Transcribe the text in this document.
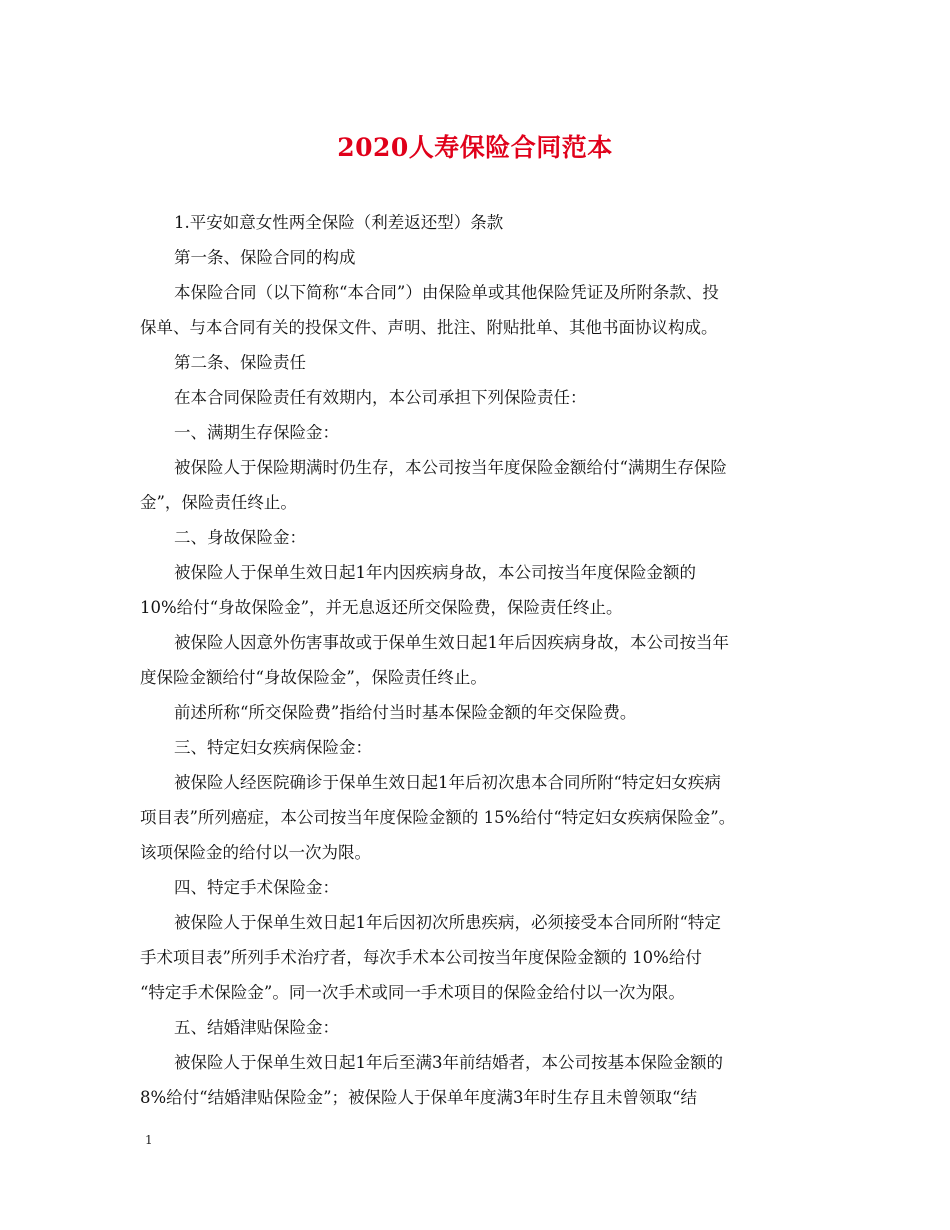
2020人寿保险合同范本

1.平安如意女性两全保险（利差返还型）条款

第一条、保险合同的构成

本保险合同（以下简称“本合同”）由保险单或其他保险凭证及所附条款、投

保单、与本合同有关的投保文件、声明、批注、附贴批单、其他书面协议构成。

第二条、保险责任

在本合同保险责任有效期内，本公司承担下列保险责任：

一、满期生存保险金：

被保险人于保险期满时仍生存，本公司按当年度保险金额给付“满期生存保险

金”，保险责任终止。

二、身故保险金：

被保险人于保单生效日起1年内因疾病身故，本公司按当年度保险金额的

10%给付“身故保险金”，并无息返还所交保险费，保险责任终止。

被保险人因意外伤害事故或于保单生效日起1年后因疾病身故，本公司按当年

度保险金额给付“身故保险金”，保险责任终止。

前述所称“所交保险费”指给付当时基本保险金额的年交保险费。

三、特定妇女疾病保险金：

被保险人经医院确诊于保单生效日起1年后初次患本合同所附“特定妇女疾病

项目表”所列癌症，本公司按当年度保险金额的 15%给付“特定妇女疾病保险金”。

该项保险金的给付以一次为限。

四、特定手术保险金：

被保险人于保单生效日起1年后因初次所患疾病，必须接受本合同所附“特定

手术项目表”所列手术治疗者，每次手术本公司按当年度保险金额的 10%给付

“特定手术保险金”。同一次手术或同一手术项目的保险金给付以一次为限。

五、结婚津贴保险金：

被保险人于保单生效日起1年后至满3年前结婚者，本公司按基本保险金额的

8%给付“结婚津贴保险金”；被保险人于保单年度满3年时生存且未曾领取“结

1
